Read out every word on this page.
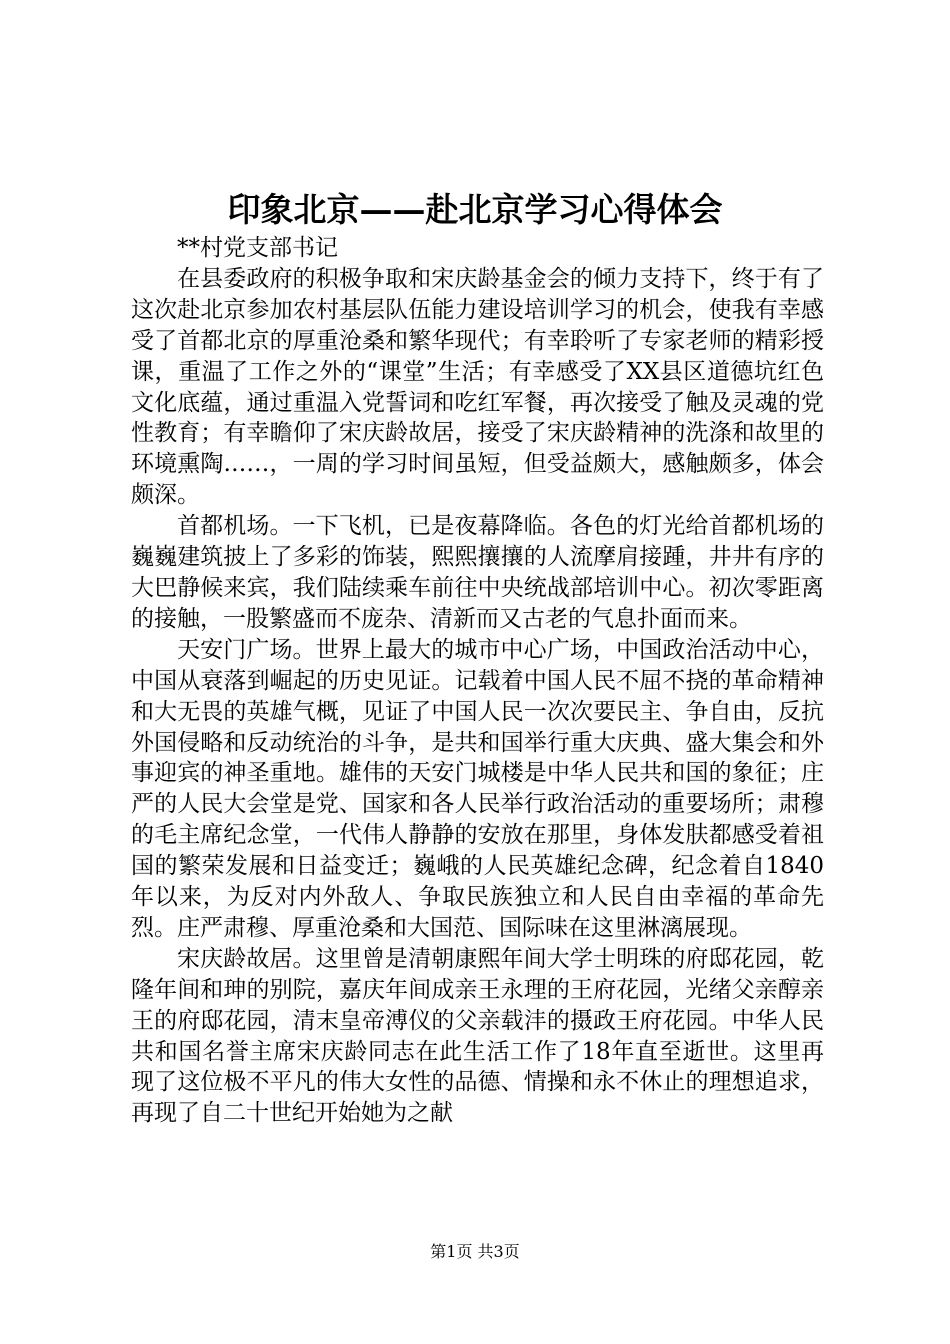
印象北京——赴北京学习心得体会

**村党支部书记

在县委政府的积极争取和宋庆龄基金会的倾力支持下，终于有了这次赴北京参加农村基层队伍能力建设培训学习的机会，使我有幸感受了首都北京的厚重沧桑和繁华现代；有幸聆听了专家老师的精彩授课，重温了工作之外的“课堂”生活；有幸感受了XX县区道德坑红色文化底蕴，通过重温入党誓词和吃红军餐，再次接受了触及灵魂的党性教育；有幸瞻仰了宋庆龄故居，接受了宋庆龄精神的洗涤和故里的环境熏陶……，一周的学习时间虽短，但受益颇大，感触颇多，体会颇深。

首都机场。一下飞机，已是夜幕降临。各色的灯光给首都机场的巍巍建筑披上了多彩的饰装，熙熙攘攘的人流摩肩接踵，井井有序的大巴静候来宾，我们陆续乘车前往中央统战部培训中心。初次零距离的接触，一股繁盛而不庞杂、清新而又古老的气息扑面而来。

天安门广场。世界上最大的城市中心广场，中国政治活动中心，中国从衰落到崛起的历史见证。记载着中国人民不屈不挠的革命精神和大无畏的英雄气概，见证了中国人民一次次要民主、争自由，反抗外国侵略和反动统治的斗争，是共和国举行重大庆典、盛大集会和外事迎宾的神圣重地。雄伟的天安门城楼是中华人民共和国的象征；庄严的人民大会堂是党、国家和各人民举行政治活动的重要场所；肃穆的毛主席纪念堂，一代伟人静静的安放在那里，身体发肤都感受着祖国的繁荣发展和日益变迁；巍峨的人民英雄纪念碑，纪念着自1840年以来，为反对内外敌人、争取民族独立和人民自由幸福的革命先烈。庄严肃穆、厚重沧桑和大国范、国际味在这里淋漓展现。

宋庆龄故居。这里曾是清朝康熙年间大学士明珠的府邸花园，乾隆年间和珅的别院，嘉庆年间成亲王永理的王府花园，光绪父亲醇亲王的府邸花园，清末皇帝溥仪的父亲载沣的摄政王府花园。中华人民共和国名誉主席宋庆龄同志在此生活工作了18年直至逝世。这里再现了这位极不平凡的伟大女性的品德、情操和永不休止的理想追求，再现了自二十世纪开始她为之献

第1页 共3页
